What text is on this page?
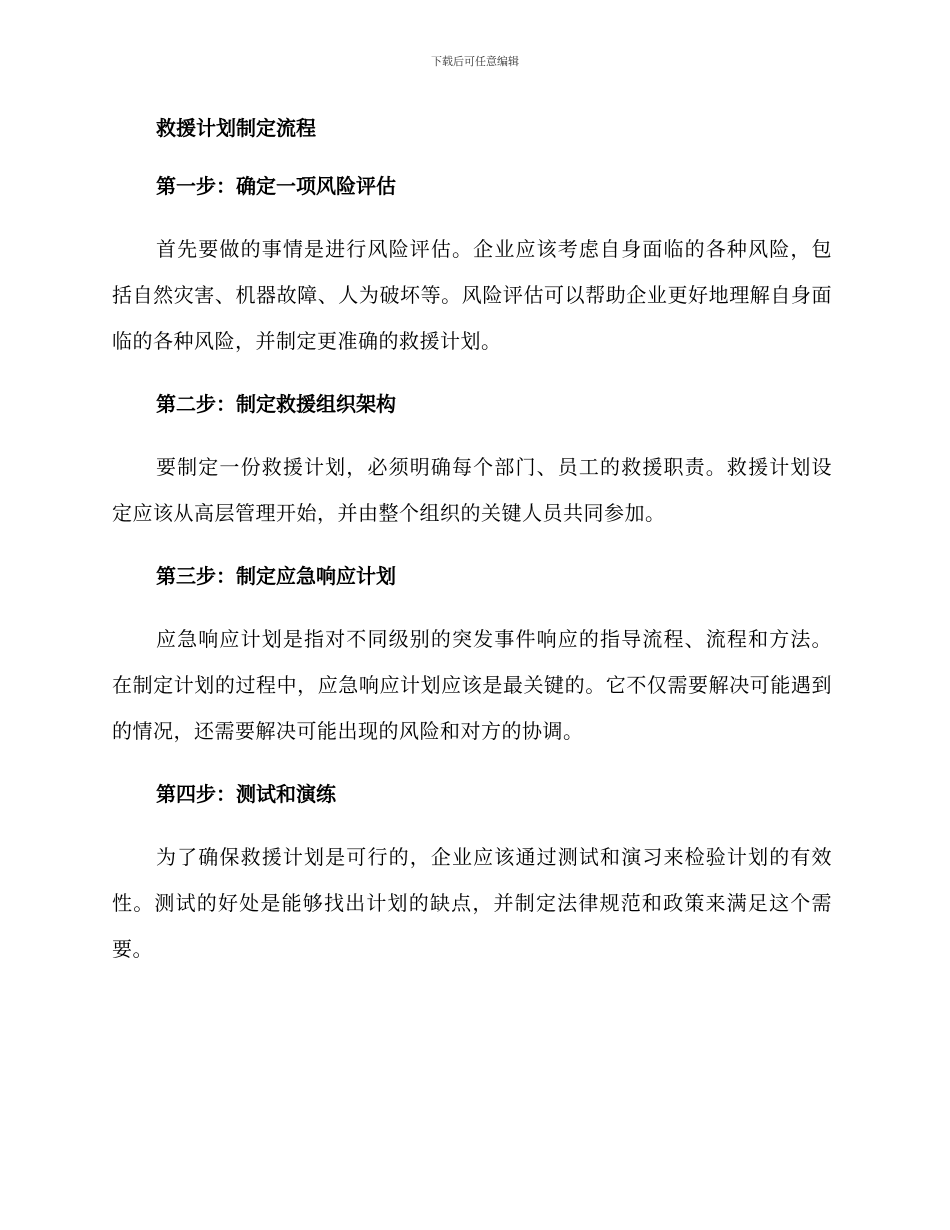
下载后可任意编辑
救援计划制定流程
第一步：确定一项风险评估

首先要做的事情是进行风险评估。企业应该考虑自身面临的各种风险，包括自然灾害、机器故障、人为破坏等。风险评估可以帮助企业更好地理解自身面临的各种风险，并制定更准确的救援计划。

第二步：制定救援组织架构

要制定一份救援计划，必须明确每个部门、员工的救援职责。救援计划设定应该从高层管理开始，并由整个组织的关键人员共同参加。

第三步：制定应急响应计划

应急响应计划是指对不同级别的突发事件响应的指导流程、流程和方法。在制定计划的过程中，应急响应计划应该是最关键的。它不仅需要解决可能遇到的情况，还需要解决可能出现的风险和对方的协调。

第四步：测试和演练

为了确保救援计划是可行的，企业应该通过测试和演习来检验计划的有效性。测试的好处是能够找出计划的缺点，并制定法律规范和政策来满足这个需要。
